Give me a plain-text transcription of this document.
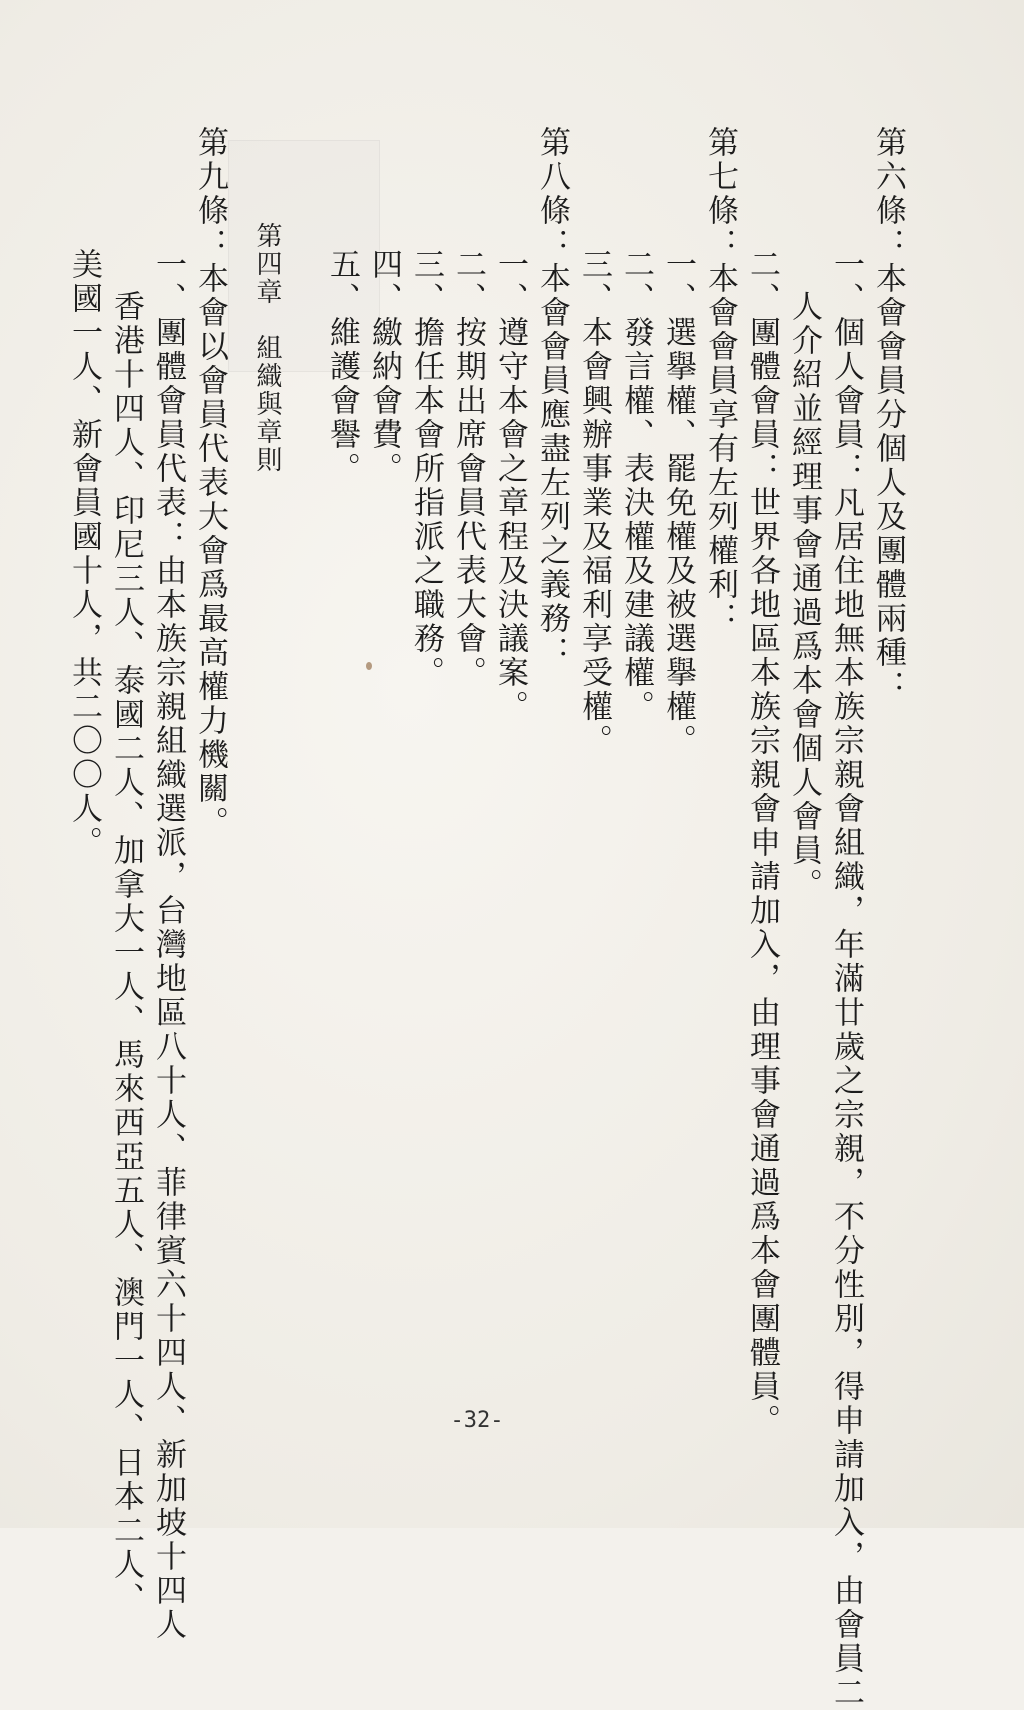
第六條：本會會員分個人及團體兩種：
一、個人會員：凡居住地無本族宗親會組織，年滿廿歲之宗親，不分性別，得申請加入，由會員二
人介紹並經理事會通過爲本會個人會員。
二、團體會員：世界各地區本族宗親會申請加入，由理事會通過爲本會團體員。
第七條：本會會員享有左列權利：
一、選擧權、罷免權及被選擧權。
二、發言權、表決權及建議權。
三、本會興辦事業及福利享受權。
第八條：本會會員應盡左列之義務：
一、遵守本會之章程及決議案。
二、按期出席會員代表大會。
三、擔任本會所指派之職務。
四、繳納會費。
五、維護會譽。
第四章　組織與章則
第九條：本會以會員代表大會爲最高權力機關。
一、團體會員代表：由本族宗親組織選派，台灣地區八十人、菲律賓六十四人、新加坡十四人
香港十四人、印尼三人、泰國二人、加拿大一人、馬來西亞五人、澳門一人、日本二人、
美國一人、新會員國十人，共二〇〇人。
-32-
